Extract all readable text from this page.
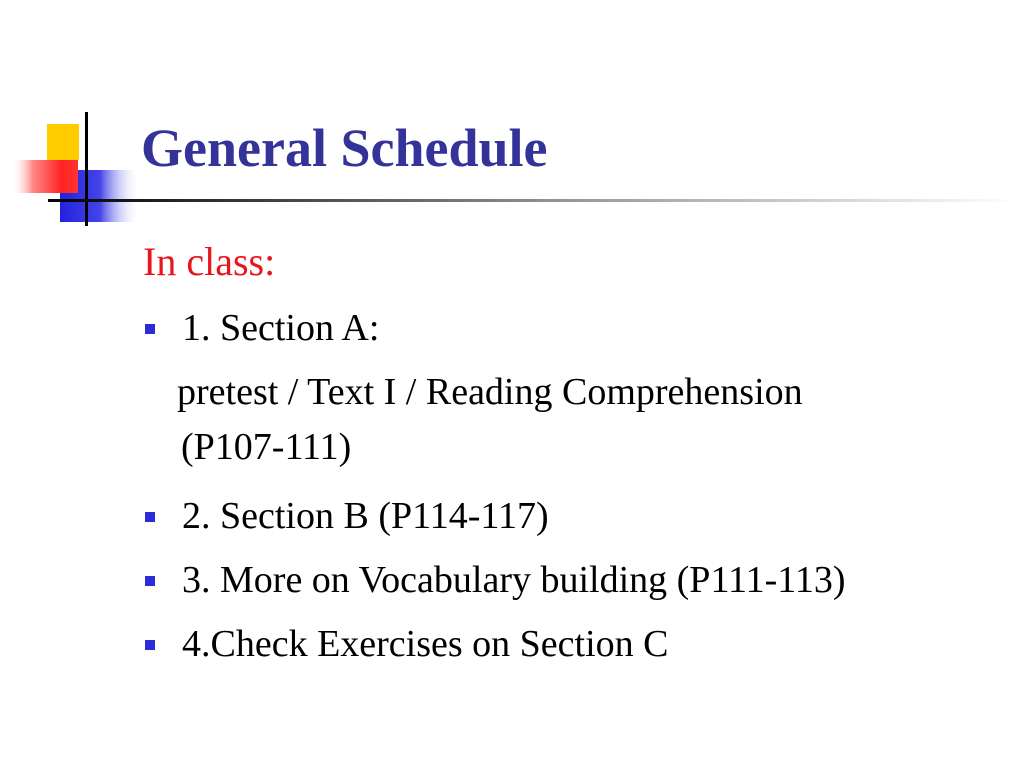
General Schedule
In class:
1. Section A:
2. Section B (P114-117)
3. More on Vocabulary building (P111-113)
4.Check Exercises on Section C
pretest / Text I / Reading Comprehension
(P107-111)
